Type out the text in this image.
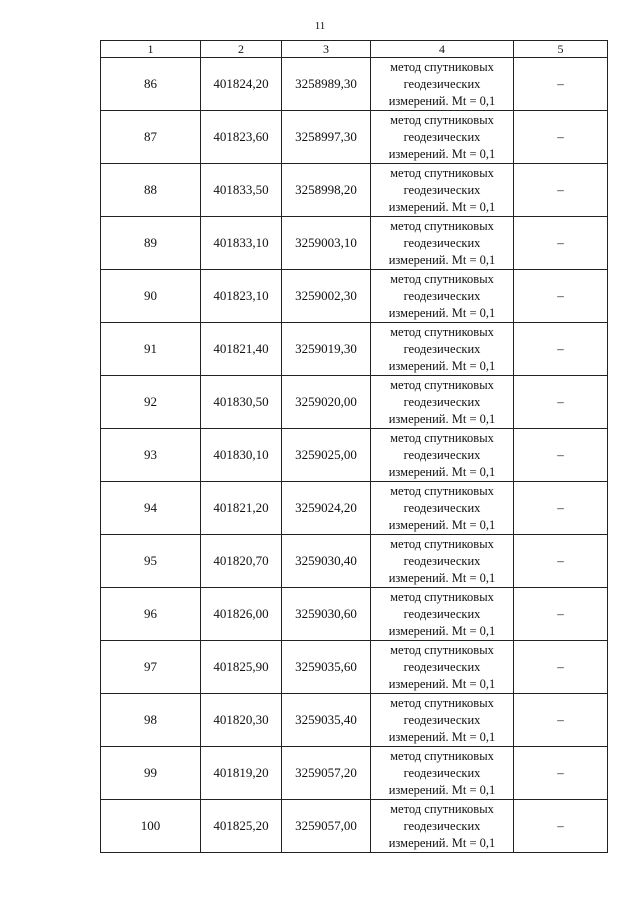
11
1	2	3	4	5
86	401824,20	3258989,30	метод спутниковых
геодезических
измерений. Mt = 0,1	–
87	401823,60	3258997,30	метод спутниковых
геодезических
измерений. Mt = 0,1	–
88	401833,50	3258998,20	метод спутниковых
геодезических
измерений. Mt = 0,1	–
89	401833,10	3259003,10	метод спутниковых
геодезических
измерений. Mt = 0,1	–
90	401823,10	3259002,30	метод спутниковых
геодезических
измерений. Mt = 0,1	–
91	401821,40	3259019,30	метод спутниковых
геодезических
измерений. Mt = 0,1	–
92	401830,50	3259020,00	метод спутниковых
геодезических
измерений. Mt = 0,1	–
93	401830,10	3259025,00	метод спутниковых
геодезических
измерений. Mt = 0,1	–
94	401821,20	3259024,20	метод спутниковых
геодезических
измерений. Mt = 0,1	–
95	401820,70	3259030,40	метод спутниковых
геодезических
измерений. Mt = 0,1	–
96	401826,00	3259030,60	метод спутниковых
геодезических
измерений. Mt = 0,1	–
97	401825,90	3259035,60	метод спутниковых
геодезических
измерений. Mt = 0,1	–
98	401820,30	3259035,40	метод спутниковых
геодезических
измерений. Mt = 0,1	–
99	401819,20	3259057,20	метод спутниковых
геодезических
измерений. Mt = 0,1	–
100	401825,20	3259057,00	метод спутниковых
геодезических
измерений. Mt = 0,1	–
